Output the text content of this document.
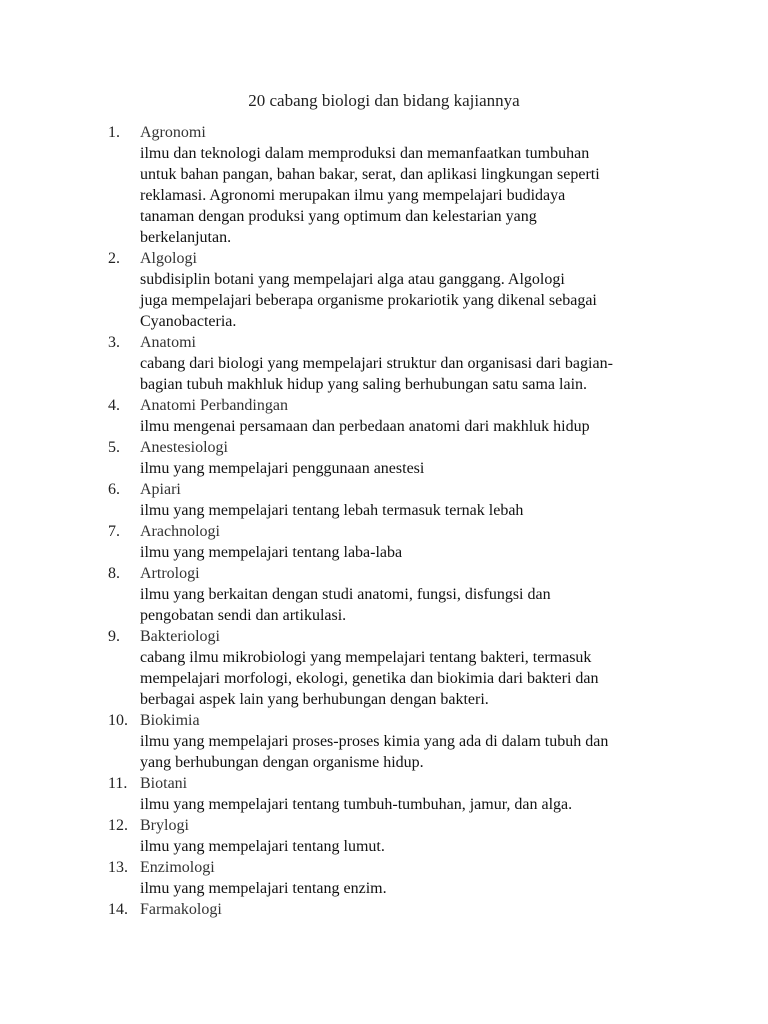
20 cabang biologi dan bidang kajiannya
1. Agronomi
ilmu dan teknologi dalam memproduksi dan memanfaatkan tumbuhan
untuk bahan pangan, bahan bakar, serat, dan aplikasi lingkungan seperti
reklamasi. Agronomi merupakan ilmu yang mempelajari budidaya
tanaman dengan produksi yang optimum dan kelestarian yang
berkelanjutan.
2. Algologi
subdisiplin botani yang mempelajari alga atau ganggang. Algologi
juga mempelajari beberapa organisme prokariotik yang dikenal sebagai
Cyanobacteria.
3. Anatomi
cabang dari biologi yang mempelajari struktur dan organisasi dari bagian-
bagian tubuh makhluk hidup yang saling berhubungan satu sama lain.
4. Anatomi Perbandingan
ilmu mengenai persamaan dan perbedaan anatomi dari makhluk hidup
5. Anestesiologi
ilmu yang mempelajari penggunaan anestesi
6. Apiari
ilmu yang mempelajari tentang lebah termasuk ternak lebah
7. Arachnologi
ilmu yang mempelajari tentang laba-laba
8. Artrologi
ilmu yang berkaitan dengan studi anatomi, fungsi, disfungsi dan
pengobatan sendi dan artikulasi.
9. Bakteriologi
cabang ilmu mikrobiologi yang mempelajari tentang bakteri, termasuk
mempelajari morfologi, ekologi, genetika dan biokimia dari bakteri dan
berbagai aspek lain yang berhubungan dengan bakteri.
10. Biokimia
ilmu yang mempelajari proses-proses kimia yang ada di dalam tubuh dan
yang berhubungan dengan organisme hidup.
11. Biotani
ilmu yang mempelajari tentang tumbuh-tumbuhan, jamur, dan alga.
12. Brylogi
ilmu yang mempelajari tentang lumut.
13. Enzimologi
ilmu yang mempelajari tentang enzim.
14. Farmakologi
